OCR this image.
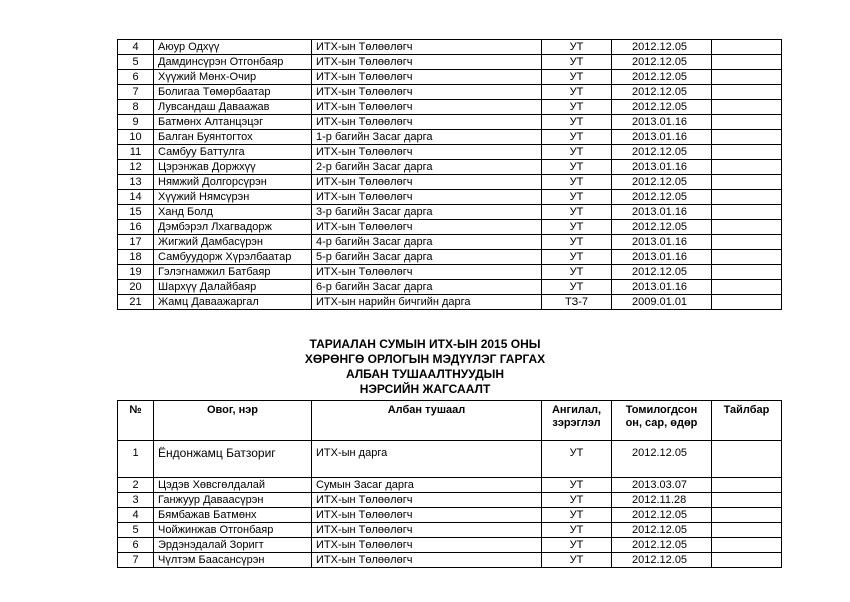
4	Аюур Одхүү	ИТХ-ын Төлөөлөгч	УТ	2012.12.05	
5	Дамдинсүрэн Отгонбаяр	ИТХ-ын Төлөөлөгч	УТ	2012.12.05	
6	Хүүжий Мөнх-Очир	ИТХ-ын Төлөөлөгч	УТ	2012.12.05	
7	Болигаа Төмөрбаатар	ИТХ-ын Төлөөлөгч	УТ	2012.12.05	
8	Лувсандаш Даваажав	ИТХ-ын Төлөөлөгч	УТ	2012.12.05	
9	Батмөнх Алтанцэцэг	ИТХ-ын Төлөөлөгч	УТ	2013.01.16	
10	Балган Буянтогтох	1-р багийн Засаг дарга	УТ	2013.01.16	
11	Самбуу Баттулга	ИТХ-ын Төлөөлөгч	УТ	2012.12.05	
12	Цэрэнжав Доржхүү	2-р багийн Засаг дарга	УТ	2013.01.16	
13	Нямжий Долгорсүрэн	ИТХ-ын Төлөөлөгч	УТ	2012.12.05	
14	Хүүжий Нямсүрэн	ИТХ-ын Төлөөлөгч	УТ	2012.12.05	
15	Ханд Болд	3-р багийн Засаг дарга	УТ	2013.01.16	
16	Дэмбэрэл Лхагвадорж	ИТХ-ын Төлөөлөгч	УТ	2012.12.05	
17	Жигжий Дамбасүрэн	4-р багийн Засаг дарга	УТ	2013.01.16	
18	Самбуудорж Хүрэлбаатар	5-р багийн Засаг дарга	УТ	2013.01.16	
19	Гэлэгнамжил Батбаяр	ИТХ-ын Төлөөлөгч	УТ	2012.12.05	
20	Шархүү Далайбаяр	6-р багийн Засаг дарга	УТ	2013.01.16	
21	Жамц Даваажаргал	ИТХ-ын нарийн бичгийн дарга	ТЗ-7	2009.01.01	
ТАРИАЛАН СУМЫН ИТХ-ЫН 2015 ОНЫ
ХӨРӨНГӨ ОРЛОГЫН МЭДҮҮЛЭГ ГАРГАХ
АЛБАН ТУШААЛТНУУДЫН
НЭРСИЙН ЖАГСААЛТ
№	Овог, нэр	Албан тушаал	Ангилал, зэрэглэл	Томилогдсон он, сар, өдөр	Тайлбар
1	Ёндонжамц Батзориг	ИТХ-ын дарга	УТ	2012.12.05	
2	Цэдэв Хөвсгөлдалай	Сумын Засаг дарга	УТ	2013.03.07	
3	Ганжуур Даваасүрэн	ИТХ-ын Төлөөлөгч	УТ	2012.11.28	
4	Бямбажав Батмөнх	ИТХ-ын Төлөөлөгч	УТ	2012.12.05	
5	Чойжинжав Отгонбаяр	ИТХ-ын Төлөөлөгч	УТ	2012.12.05	
6	Эрдэнэдалай Зоригт	ИТХ-ын Төлөөлөгч	УТ	2012.12.05	
7	Чүлтэм Баасансүрэн	ИТХ-ын Төлөөлөгч	УТ	2012.12.05	
